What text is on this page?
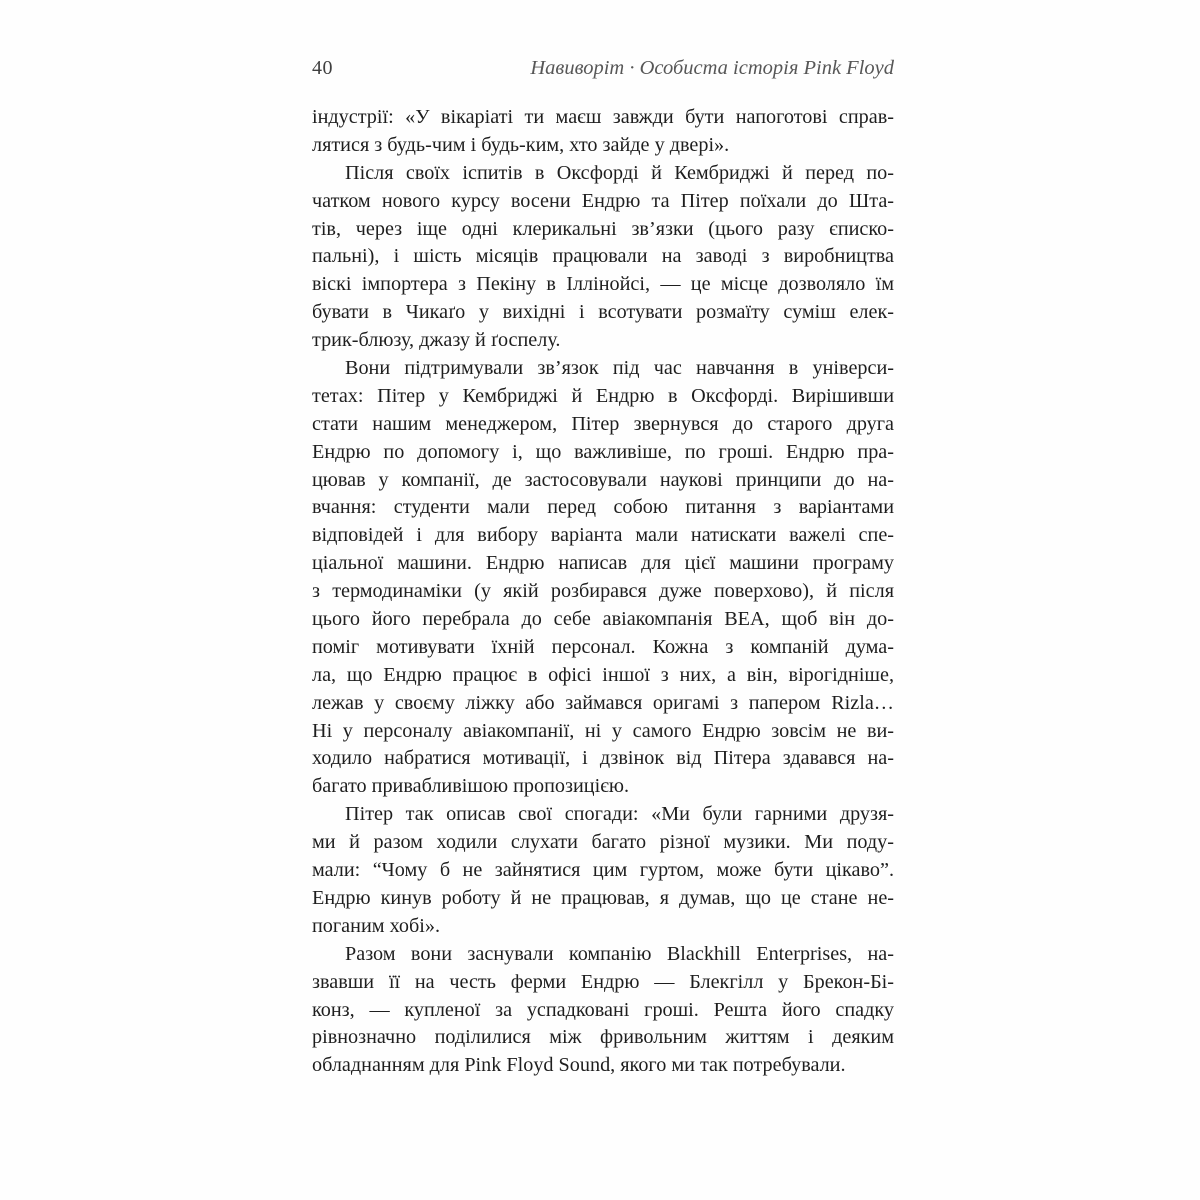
40	Навиворіт · Особиста історія Pink Floyd
індустрії: «У вікаріаті ти маєш завжди бути напоготові справ-
лятися з будь-чим і будь-ким, хто зайде у двері».
Після своїх іспитів в Оксфорді й Кембриджі й перед по-
чатком нового курсу восени Ендрю та Пітер поїхали до Шта-
тів, через іще одні клерикальні зв’язки (цього разу єписко-
пальні), і шість місяців працювали на заводі з виробництва
віскі імпортера з Пекіну в Іллінойсі, — це місце дозволяло їм
бувати в Чикаґо у вихідні і всотувати розмаїту суміш елек-
трик-блюзу, джазу й ґоспелу.
Вони підтримували зв’язок під час навчання в універси-
тетах: Пітер у Кембриджі й Ендрю в Оксфорді. Вирішивши
стати нашим менеджером, Пітер звернувся до старого друга
Ендрю по допомогу і, що важливіше, по гроші. Ендрю пра-
цював у компанії, де застосовували наукові принципи до на-
вчання: студенти мали перед собою питання з варіантами
відповідей і для вибору варіанта мали натискати важелі спе-
ціальної машини. Ендрю написав для цієї машини програму
з термодинаміки (у якій розбирався дуже поверхово), й після
цього його перебрала до себе авіакомпанія BEA, щоб він до-
поміг мотивувати їхній персонал. Кожна з компаній дума-
ла, що Ендрю працює в офісі іншої з них, а він, вірогідніше,
лежав у своєму ліжку або займався оригамі з папером Rizla…
Ні у персоналу авіакомпанії, ні у самого Ендрю зовсім не ви-
ходило набратися мотивації, і дзвінок від Пітера здавався на-
багато привабливішою пропозицією.
Пітер так описав свої спогади: «Ми були гарними друзя-
ми й разом ходили слухати багато різної музики. Ми поду-
мали: “Чому б не зайнятися цим гуртом, може бути цікаво”.
Ендрю кинув роботу й не працював, я думав, що це стане не-
поганим хобі».
Разом вони заснували компанію Blackhill Enterprises, на-
звавши її на честь ферми Ендрю — Блекгілл у Брекон-Бі-
конз, — купленої за успадковані гроші. Решта його спадку
рівнозначно поділилися між фривольним життям і деяким
обладнанням для Pink Floyd Sound, якого ми так потребували.
